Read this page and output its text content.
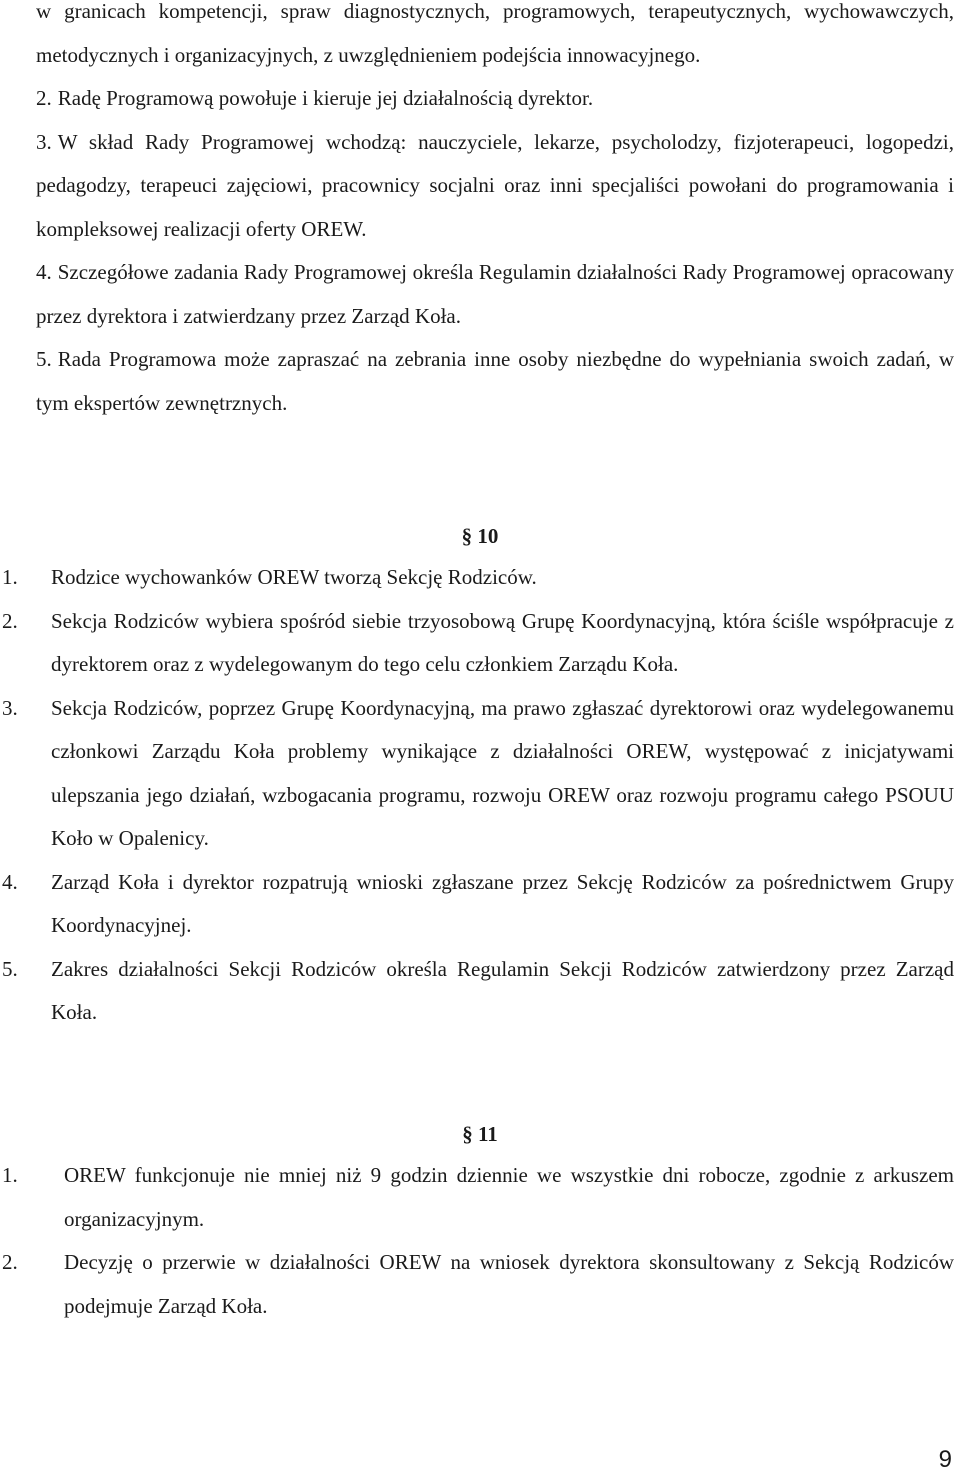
w granicach kompetencji, spraw diagnostycznych, programowych, terapeutycznych, wychowawczych, metodycznych i organizacyjnych, z uwzględnieniem podejścia innowacyjnego.

2. Radę Programową powołuje i kieruje jej działalnością dyrektor.

3. W skład Rady Programowej wchodzą: nauczyciele, lekarze, psycholodzy, fizjoterapeuci, logopedzi, pedagodzy, terapeuci zajęciowi, pracownicy socjalni oraz inni specjaliści powołani do programowania i kompleksowej realizacji oferty OREW.

4. Szczegółowe zadania Rady Programowej określa Regulamin działalności Rady Programowej opracowany przez dyrektora i zatwierdzany przez Zarząd Koła.

5. Rada Programowa może zapraszać na zebrania inne osoby niezbędne do wypełniania swoich zadań, w tym ekspertów zewnętrznych.

§ 10

1. Rodzice wychowanków OREW tworzą Sekcję Rodziców.

2. Sekcja Rodziców wybiera spośród siebie trzyosobową Grupę Koordynacyjną, która ściśle współpracuje z dyrektorem oraz z wydelegowanym do tego celu członkiem Zarządu Koła.

3. Sekcja Rodziców, poprzez Grupę Koordynacyjną, ma prawo zgłaszać dyrektorowi oraz wydelegowanemu członkowi Zarządu Koła problemy wynikające z działalności OREW, występować z inicjatywami ulepszania jego działań, wzbogacania programu, rozwoju OREW oraz rozwoju programu całego PSOUU Koło w Opalenicy.

4. Zarząd Koła i dyrektor rozpatrują wnioski zgłaszane przez Sekcję Rodziców za pośrednictwem Grupy Koordynacyjnej.

5. Zakres działalności Sekcji Rodziców określa Regulamin Sekcji Rodziców zatwierdzony przez Zarząd Koła.

§ 11

1. OREW funkcjonuje nie mniej niż 9 godzin dziennie we wszystkie dni robocze, zgodnie z arkuszem organizacyjnym.

2. Decyzję o przerwie w działalności OREW na wniosek dyrektora skonsultowany z Sekcją Rodziców podejmuje Zarząd Koła.

9
